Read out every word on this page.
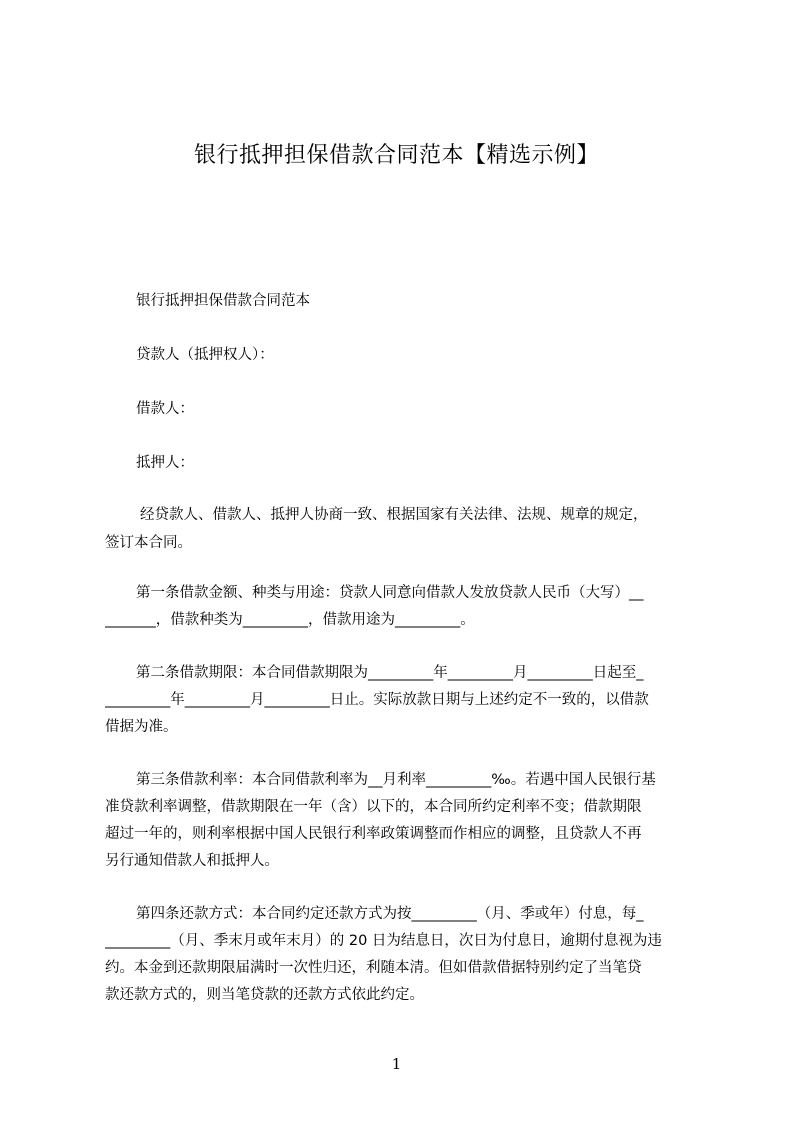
银行抵押担保借款合同范本【精选示例】
银行抵押担保借款合同范本
贷款人（抵押权人）：
借款人：
抵押人：
经贷款人、借款人、抵押人协商一致、根据国家有关法律、法规、规章的规定，
签订本合同。
第一条借款金额、种类与用途：贷款人同意向借款人发放贷款人民币（大写）__
_______，借款种类为_________，借款用途为_________。
第二条借款期限：本合同借款期限为_________年_________月_________日起至_
_________年_________月_________日止。实际放款日期与上述约定不一致的，以借款
借据为准。
第三条借款利率：本合同借款利率为__月利率_________‰。若遇中国人民银行基
准贷款利率调整，借款期限在一年（含）以下的，本合同所约定利率不变；借款期限
超过一年的，则利率根据中国人民银行利率政策调整而作相应的调整，且贷款人不再
另行通知借款人和抵押人。
第四条还款方式：本合同约定还款方式为按_________（月、季或年）付息，每_
_________（月、季末月或年末月）的 20 日为结息日，次日为付息日，逾期付息视为违
约。本金到还款期限届满时一次性归还，利随本清。但如借款借据特别约定了当笔贷
款还款方式的，则当笔贷款的还款方式依此约定。
1
